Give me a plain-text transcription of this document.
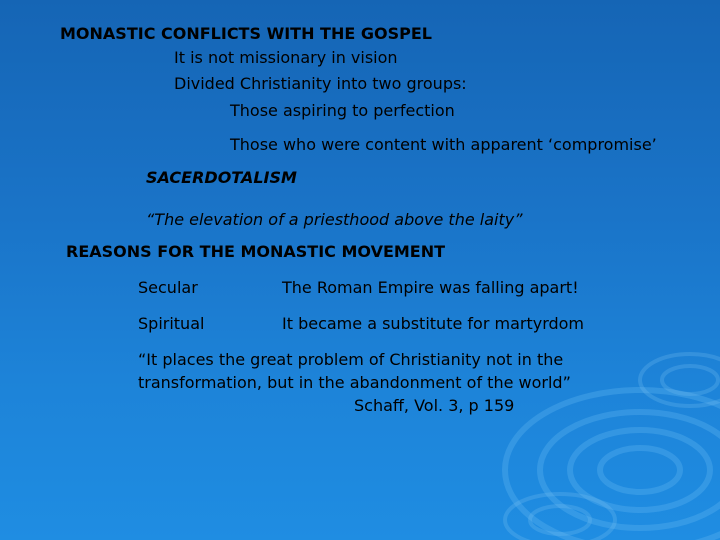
MONASTIC CONFLICTS WITH THE GOSPEL
It is not missionary in vision
Divided Christianity into two groups:
Those aspiring to perfection
Those who were content with apparent ‘compromise’
SACERDOTALISM
“The elevation of a priesthood above the laity”
REASONS FOR THE MONASTIC MOVEMENT
Secular	The Roman Empire was falling apart!
Spiritual	It became a substitute for martyrdom
“It places the great problem of Christianity not in the
transformation, but in the abandonment of the world”
Schaff, Vol. 3, p 159
